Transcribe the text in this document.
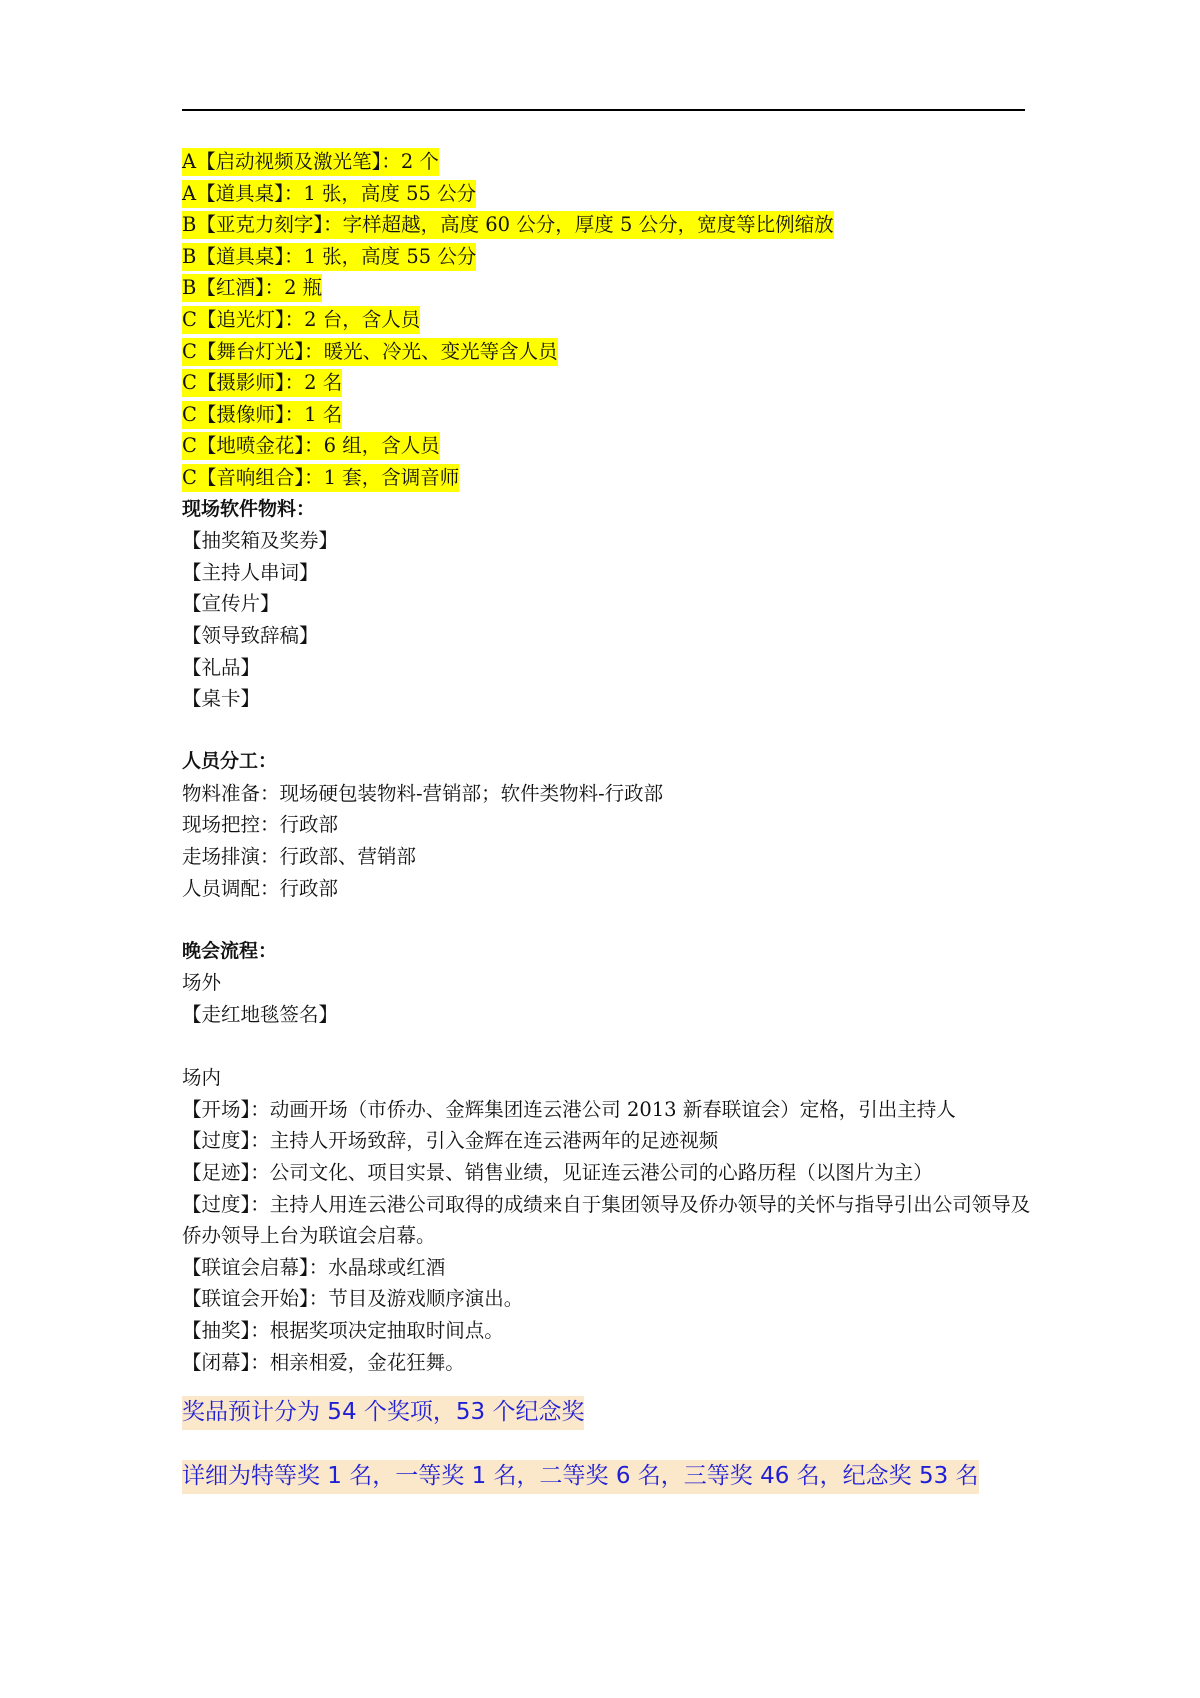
A【启动视频及激光笔】：2 个
A【道具桌】：1 张，高度 55 公分
B【亚克力刻字】：字样超越，高度 60 公分，厚度 5 公分，宽度等比例缩放
B【道具桌】：1 张，高度 55 公分
B【红酒】：2 瓶
C【追光灯】：2 台，含人员
C【舞台灯光】：暖光、冷光、变光等含人员
C【摄影师】：2 名
C【摄像师】：1 名
C【地喷金花】：6 组，含人员
C【音响组合】：1 套，含调音师
现场软件物料：
【抽奖箱及奖券】
【主持人串词】
【宣传片】
【领导致辞稿】
【礼品】
【桌卡】
人员分工：
物料准备：现场硬包装物料-营销部；软件类物料-行政部
现场把控：行政部
走场排演：行政部、营销部
人员调配：行政部
晚会流程：
场外
【走红地毯签名】
场内
【开场】：动画开场（市侨办、金辉集团连云港公司 2013 新春联谊会）定格，引出主持人
【过度】：主持人开场致辞，引入金辉在连云港两年的足迹视频
【足迹】：公司文化、项目实景、销售业绩，见证连云港公司的心路历程（以图片为主）
【过度】：主持人用连云港公司取得的成绩来自于集团领导及侨办领导的关怀与指导引出公司领导及侨办领导上台为联谊会启幕。
【联谊会启幕】：水晶球或红酒
【联谊会开始】：节目及游戏顺序演出。
【抽奖】：根据奖项决定抽取时间点。
【闭幕】：相亲相爱，金花狂舞。
奖品预计分为 54 个奖项，53 个纪念奖
详细为特等奖 1 名，一等奖 1 名，二等奖 6 名，三等奖 46 名，纪念奖 53 名
